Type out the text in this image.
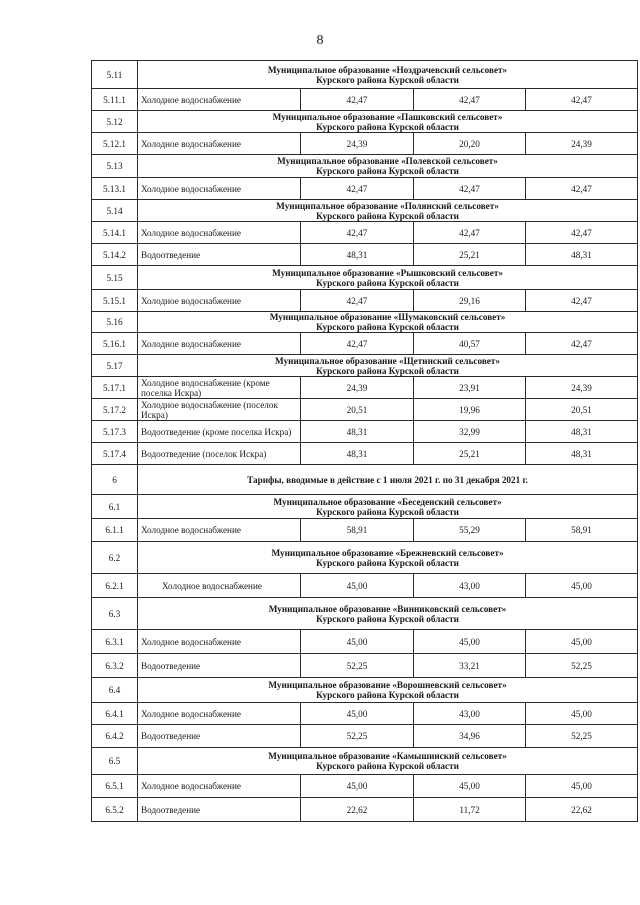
8
5.11	Муниципальное образование «Ноздрачевский сельсовет»
Курского района Курской области			

5.11.1	Холодное водоснабжение	42,47	42,47	42,47
5.12	Муниципальное образование «Пашковский сельсовет»
Курского района Курской области			

5.12.1	Холодное водоснабжение	24,39	20,20	24,39
5.13	Муниципальное образование «Полевской сельсовет»
Курского района Курской области			

5.13.1	Холодное водоснабжение	42,47	42,47	42,47
5.14	Муниципальное образование «Полянский сельсовет»
Курского района Курской области			

5.14.1	Холодное водоснабжение	42,47	42,47	42,47
5.14.2	Водоотведение	48,31	25,21	48,31
5.15	Муниципальное образование «Рышковский сельсовет»
Курского района Курской области			

5.15.1	Холодное водоснабжение	42,47	29,16	42,47
5.16	Муниципальное образование «Шумаковский сельсовет»
Курского района Курской области			

5.16.1	Холодное водоснабжение	42,47	40,57	42,47
5.17	Муниципальное образование «Щетинский сельсовет»
Курского района Курской области			

5.17.1	Холодное водоснабжение (кроме поселка Искра)	24,39	23,91	24,39
5.17.2	Холодное водоснабжение (поселок Искра)	20,51	19,96	20,51
5.17.3	Водоотведение (кроме поселка Искра)	48,31	32,99	48,31
5.17.4	Водоотведение (поселок Искра)	48,31	25,21	48,31
6	Тарифы, вводимые в действие с 1 июля 2021 г. по 31 декабря 2021 г.			
6.1	Муниципальное образование «Беседенский сельсовет»
Курского района Курской области			

6.1.1	Холодное водоснабжение	58,91	55,29	58,91
6.2	Муниципальное образование «Брежневский сельсовет»
Курского района Курской области			

6.2.1	Холодное водоснабжение	45,00	43,00	45,00
6.3	Муниципальное образование «Винниковский сельсовет»
Курского района Курской области			

6.3.1	Холодное водоснабжение	45,00	45,00	45,00
6.3.2	Водоотведение	52,25	33,21	52,25
6.4	Муниципальное образование «Ворошневский сельсовет»
Курского района Курской области			

6.4.1	Холодное водоснабжение	45,00	43,00	45,00
6.4.2	Водоотведение	52,25	34,96	52,25
6.5	Муниципальное образование «Камышинский сельсовет»
Курского района Курской области			

6.5.1	Холодное водоснабжение	45,00	45,00	45,00
6.5.2	Водоотведение	22,62	11,72	22,62
